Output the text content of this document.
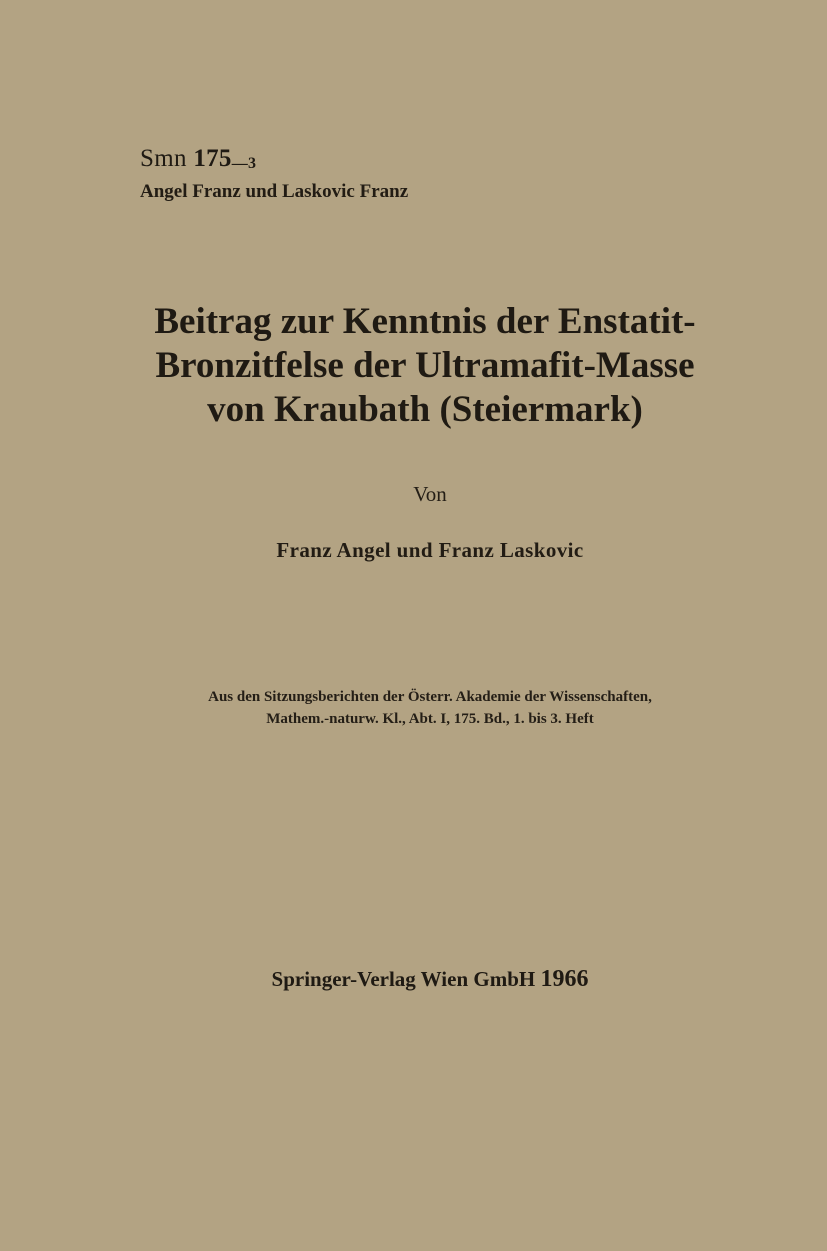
Smn 175—3
Angel Franz und Laskovic Franz
Beitrag zur Kenntnis der Enstatit-
Bronzitfelse der Ultramafit-Masse
von Kraubath (Steiermark)
Von
Franz Angel und Franz Laskovic
Aus den Sitzungsberichten der Österr. Akademie der Wissenschaften,
Mathem.-naturw. Kl., Abt. I, 175. Bd., 1. bis 3. Heft
Springer-Verlag Wien GmbH 1966
